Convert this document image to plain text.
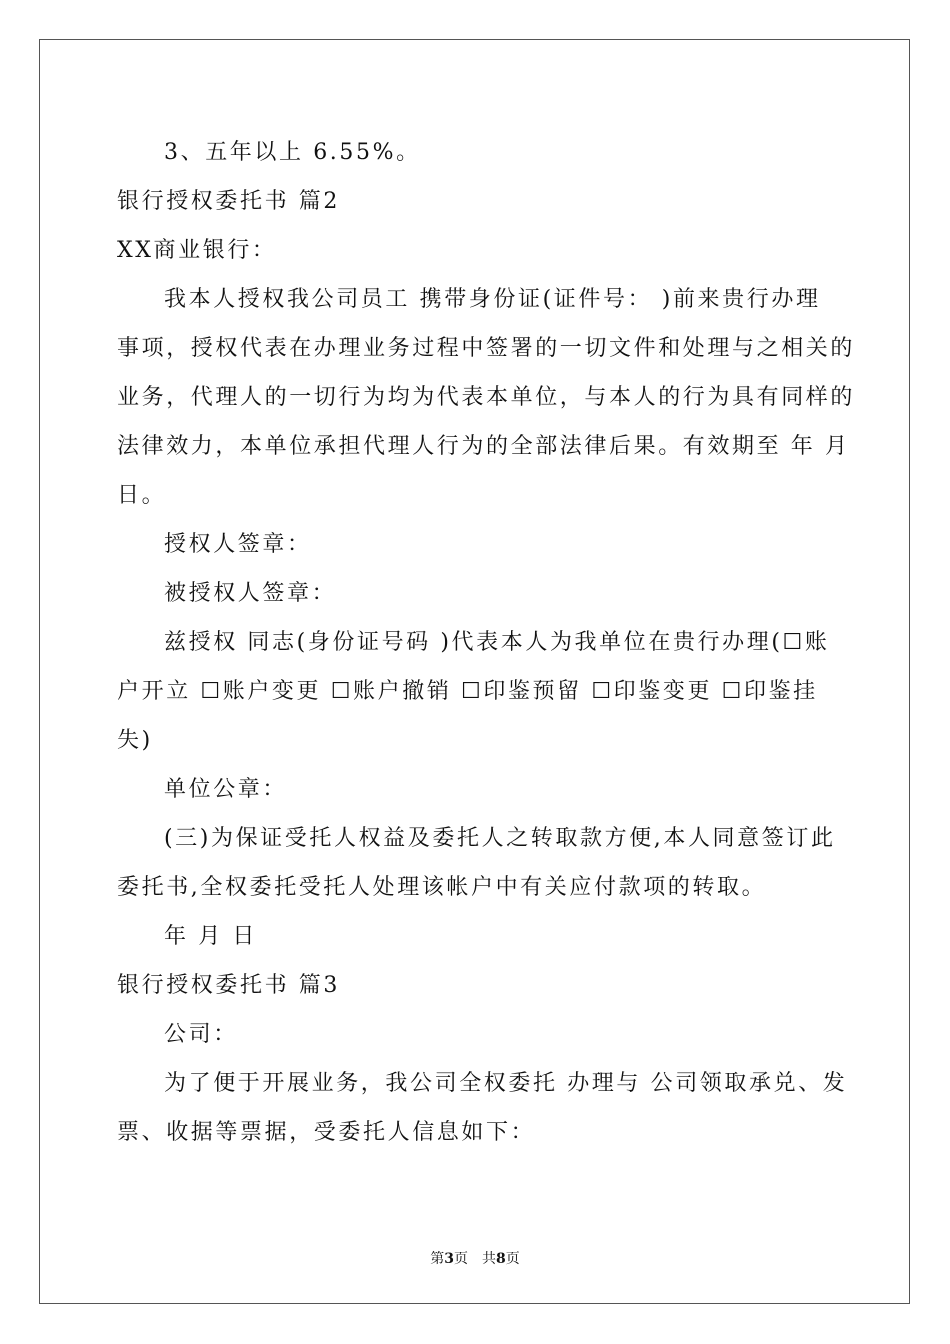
3、五年以上 6.55%。
银行授权委托书 篇2
XX商业银行：
我本人授权我公司员工 携带身份证(证件号： )前来贵行办理
事项，授权代表在办理业务过程中签署的一切文件和处理与之相关的
业务，代理人的一切行为均为代表本单位，与本人的行为具有同样的
法律效力，本单位承担代理人行为的全部法律后果。有效期至 年 月
日。
授权人签章：
被授权人签章：
兹授权 同志(身份证号码 )代表本人为我单位在贵行办理(☐账
户开立 ☐账户变更 ☐账户撤销 ☐印鉴预留 ☐印鉴变更 ☐印鉴挂
失)
单位公章：
(三)为保证受托人权益及委托人之转取款方便,本人同意签订此
委托书,全权委托受托人处理该帐户中有关应付款项的转取。
年 月 日
银行授权委托书 篇3
公司：
为了便于开展业务，我公司全权委托 办理与 公司领取承兑、发
票、收据等票据，受委托人信息如下：
第3页　共8页
